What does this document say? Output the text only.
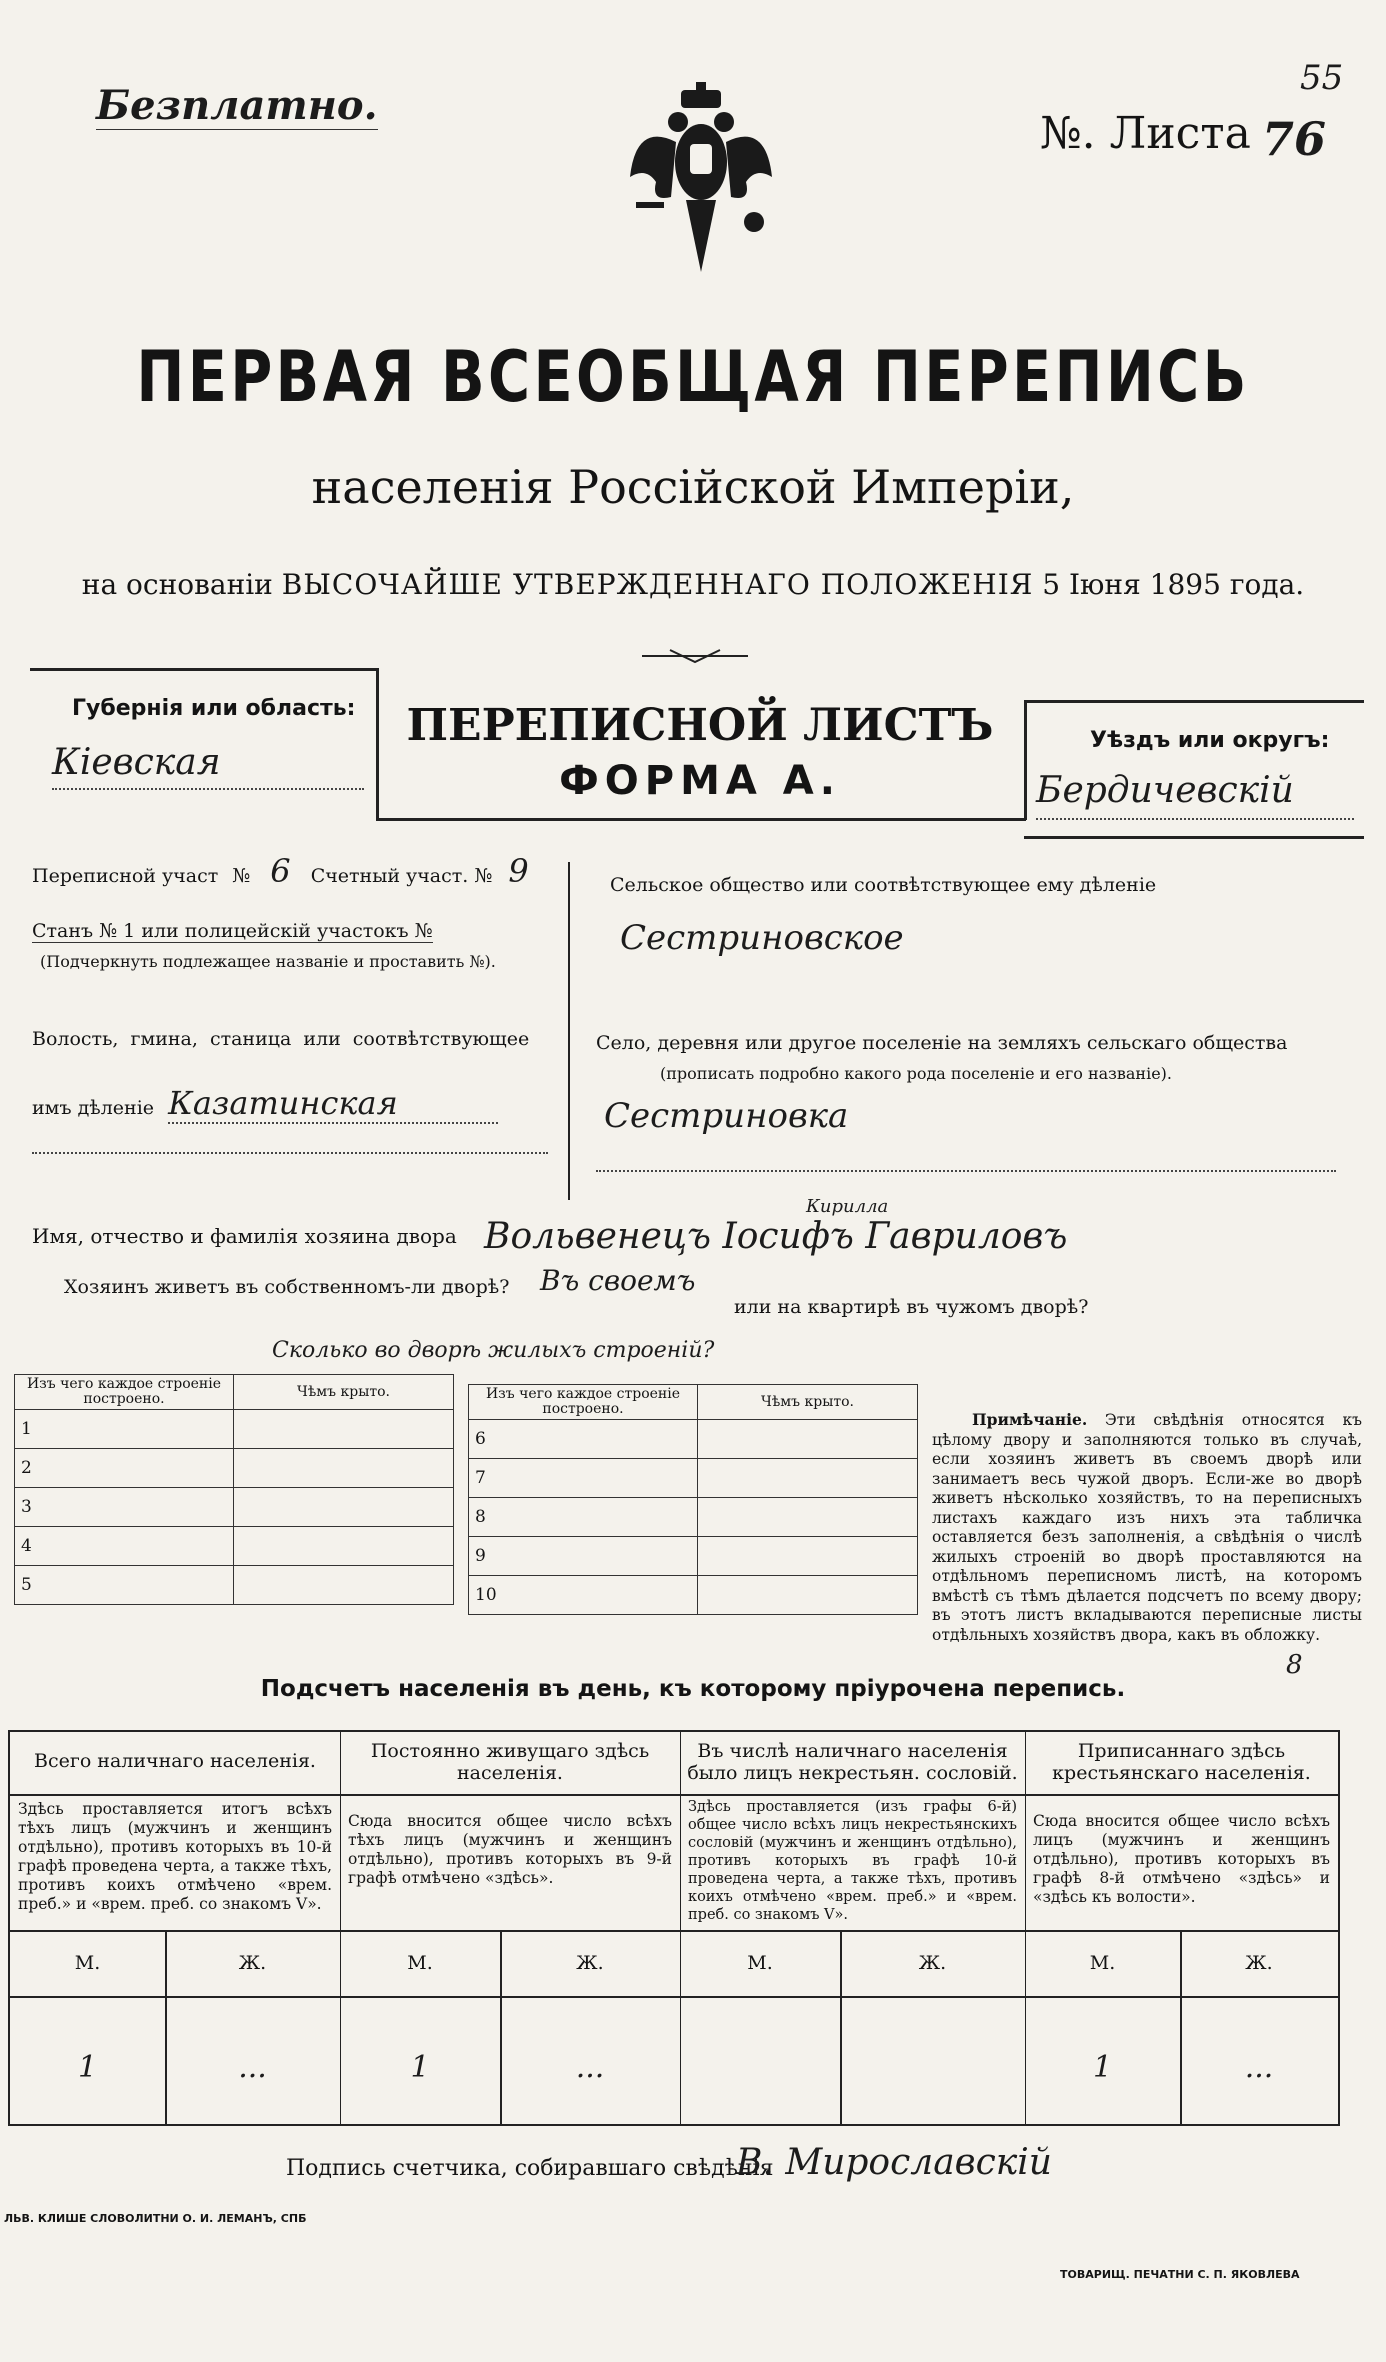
Безплатно.
№. Листа 76
55
ПЕРВАЯ ВСЕОБЩАЯ ПЕРЕПИСЬ
населенія Россійской Имперіи,
на основаніи ВЫСОЧАЙШЕ УТВЕРЖДЕННАГО ПОЛОЖЕНІЯ 5 Іюня 1895 года.
Губернія или область:
Кіевская
ПЕРЕПИСНОЙ ЛИСТЪ
ФОРМА А.
Уѣздъ или округъ:
Бердичевскій
Переписной участ № 6 Счетный участ. № 9
Станъ № 1 или полицейскій участокъ №
(Подчеркнуть подлежащее названіе и проставить №).
Волость, гмина, станица или соотвѣтствующее
имъ дѣленіе Казатинская
Сельское общество или соотвѣтствующее ему дѣленіе
Сестриновское
Село, деревня или другое поселеніе на земляхъ сельскаго общества
(прописать подробно какого рода поселеніе и его названіе).
Сестриновка
Имя, отчество и фамилія хозяина двора
Кирилла
Вольвенецъ Іосифъ Гавриловъ
Хозяинъ живетъ въ собственномъ-ли дворѣ? Въ своемъ
или на квартирѣ въ чужомъ дворѣ?
Сколько во дворѣ жилыхъ строеній?
Изъ чего каждое строеніе построено.	Чѣмъ крыто.
1	
2	
3	
4	
5	
Изъ чего каждое строеніе построено.	Чѣмъ крыто.
6	
7	
8	
9	
10	
Примѣчаніе. Эти свѣдѣнія относятся къ цѣлому двору и заполняются только въ случаѣ, если хозяинъ живетъ въ своемъ дворѣ или занимаетъ весь чужой дворъ. Если-же во дворѣ живетъ нѣсколько хозяйствъ, то на переписныхъ листахъ каждаго изъ нихъ эта табличка оставляется безъ заполненія, а свѣдѣнія о числѣ жилыхъ строеній во дворѣ проставляются на отдѣльномъ переписномъ листѣ, на которомъ вмѣстѣ съ тѣмъ дѣлается подсчетъ по всему двору; въ этотъ листъ вкладываются переписные листы отдѣльныхъ хозяйствъ двора, какъ въ обложку.
8
Подсчетъ населенія въ день, къ которому пріурочена перепись.
Всего наличнаго населенія.
Здѣсь проставляется итогъ всѣхъ тѣхъ лицъ (мужчинъ и женщинъ отдѣльно), противъ которыхъ въ 10-й графѣ проведена черта, а также тѣхъ, противъ коихъ отмѣчено «врем. преб.» и «врем. преб. со знакомъ V».
М.	Ж.
1	...
Постоянно живущаго здѣсь населенія.
Сюда вносится общее число всѣхъ тѣхъ лицъ (мужчинъ и женщинъ отдѣльно), противъ которыхъ въ 9-й графѣ отмѣчено «здѣсь».
М.	Ж.
1	...
Въ числѣ наличнаго населенія было лицъ некрестьян. сословій.
Здѣсь проставляется (изъ графы 6-й) общее число всѣхъ лицъ некрестьянскихъ сословій (мужчинъ и женщинъ отдѣльно), противъ которыхъ въ графѣ 10-й проведена черта, а также тѣхъ, противъ коихъ отмѣчено «врем. преб.» и «врем. преб. со знакомъ V».
М.	Ж.
Приписаннаго здѣсь крестьянскаго населенія.
Сюда вносится общее число всѣхъ лицъ (мужчинъ и женщинъ отдѣльно), противъ которыхъ въ графѣ 8-й отмѣчено «здѣсь» и «здѣсь къ волости».
М.	Ж.
1	...
Подпись счетчика, собиравшаго свѣдѣнія
В. Мирославскій
ЛЬВ. КЛИШЕ СЛОВОЛИТНИ О. И. ЛЕМАНЪ, СПБ
ТОВАРИЩ. ПЕЧАТНИ С. П. ЯКОВЛЕВА
